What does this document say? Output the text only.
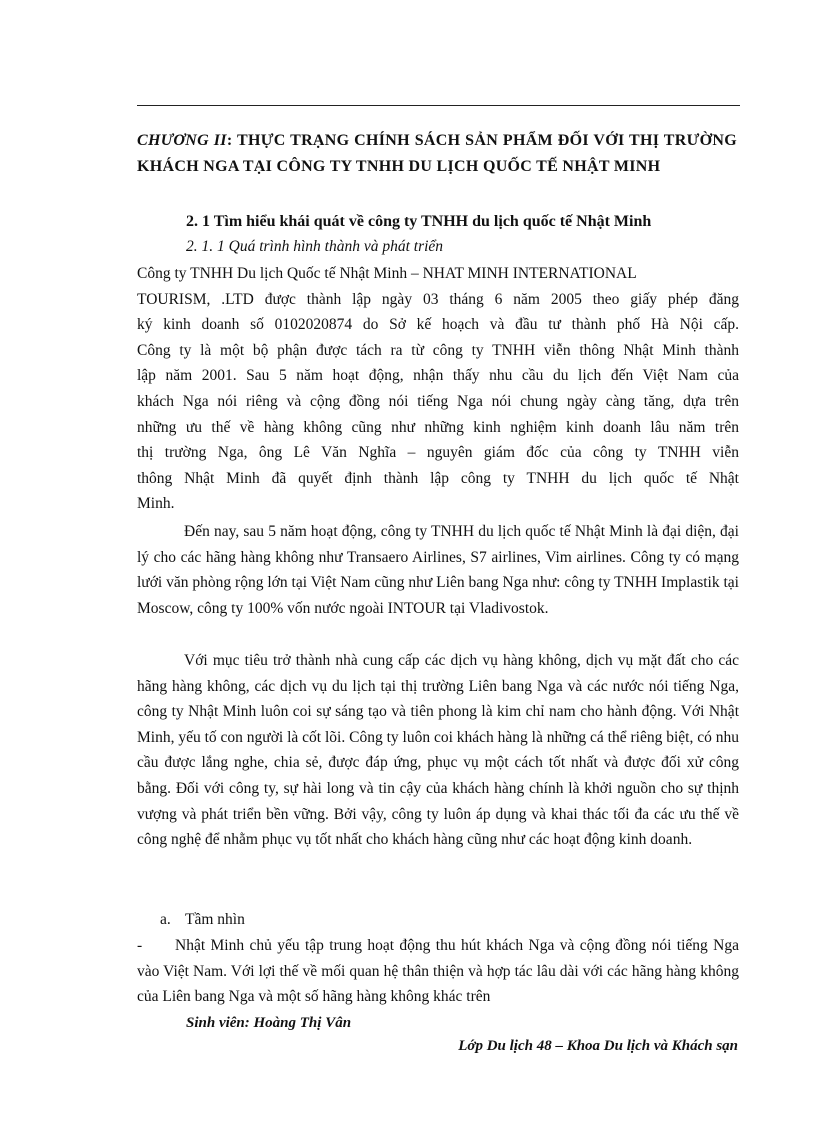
CHƯƠNG II: THỰC TRẠNG CHÍNH SÁCH SẢN PHẨM ĐỐI VỚI THỊ TRƯỜNG KHÁCH NGA TẠI CÔNG TY TNHH DU LỊCH QUỐC TẾ NHẬT MINH
2. 1 Tìm hiểu khái quát về công ty TNHH du lịch quốc tế Nhật Minh
2. 1. 1 Quá trình hình thành và phát triển
Công ty TNHH Du lịch Quốc tế Nhật Minh – NHAT MINH INTERNATIONAL
TOURISM, .LTD được thành lập ngày 03 tháng 6 năm 2005 theo giấy phép đăng
ký kinh doanh số 0102020874 do Sở kế hoạch và đầu tư thành phố Hà Nội cấp.
Công ty là một bộ phận được tách ra từ công ty TNHH viễn thông Nhật Minh thành
lập năm 2001. Sau 5 năm hoạt động, nhận thấy nhu cầu du lịch đến Việt Nam của
khách Nga nói riêng và cộng đồng nói tiếng Nga nói chung ngày càng tăng, dựa trên
những ưu thế về hàng không cũng như những kinh nghiệm kinh doanh lâu năm trên
thị trường Nga, ông Lê Văn Nghĩa – nguyên giám đốc của công ty TNHH viễn
thông Nhật Minh đã quyết định thành lập công ty TNHH du lịch quốc tế Nhật
Minh.

Đến nay, sau 5 năm hoạt động, công ty TNHH du lịch quốc tế Nhật Minh là đại diện, đại lý cho các hãng hàng không như Transaero Airlines, S7 airlines, Vim airlines. Công ty có mạng lưới văn phòng rộng lớn tại Việt Nam cũng như Liên bang Nga như: công ty TNHH Implastik tại Moscow, công ty 100% vốn nước ngoài INTOUR tại Vladivostok.

Với mục tiêu trở thành nhà cung cấp các dịch vụ hàng không, dịch vụ mặt đất cho các hãng hàng không, các dịch vụ du lịch tại thị trường Liên bang Nga và các nước nói tiếng Nga, công ty Nhật Minh luôn coi sự sáng tạo và tiên phong là kim chỉ nam cho hành động. Với Nhật Minh, yếu tố con người là cốt lõi. Công ty luôn coi khách hàng là những cá thể riêng biệt, có nhu cầu được lắng nghe, chia sẻ, được đáp ứng, phục vụ một cách tốt nhất và được đối xử công bằng. Đối với công ty, sự hài long và tin cậy của khách hàng chính là khởi nguồn cho sự thịnh vượng và phát triển bền vững. Bởi vậy, công ty luôn áp dụng và khai thác tối đa các ưu thế về công nghệ để nhằm phục vụ tốt nhất cho khách hàng cũng như các hoạt động kinh doanh.

a. Tầm nhìn

- Nhật Minh chủ yếu tập trung hoạt động thu hút khách Nga và cộng đồng nói tiếng Nga vào Việt Nam. Với lợi thế về mối quan hệ thân thiện và hợp tác lâu dài với các hãng hàng không của Liên bang Nga và một số hãng hàng không khác trên

Sinh viên: Hoàng Thị Vân
Lớp Du lịch 48 – Khoa Du lịch và Khách sạn
